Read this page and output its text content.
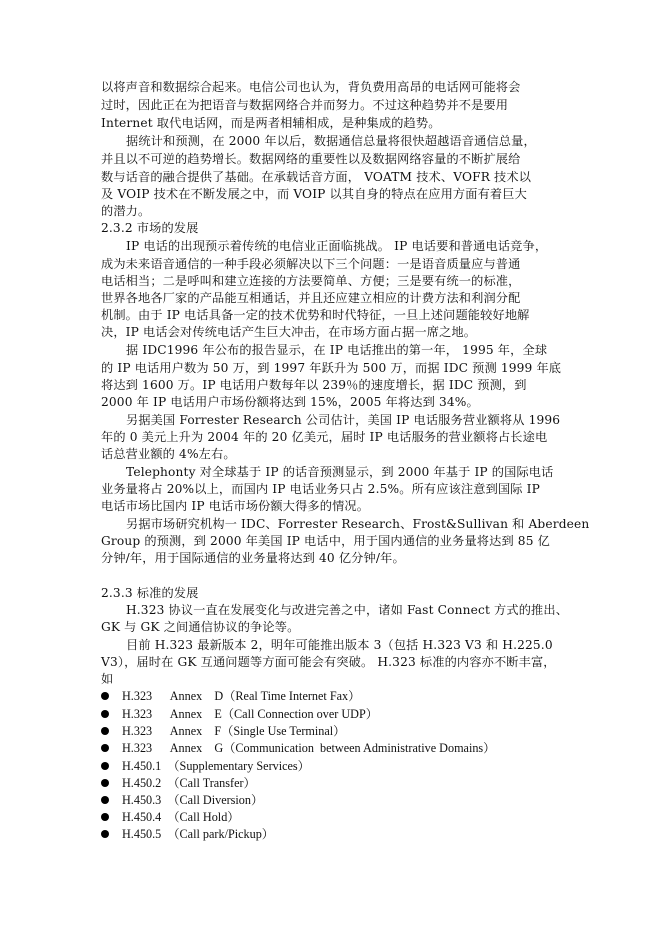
以将声音和数据综合起来。电信公司也认为，背负费用高昂的电话网可能将会
过时，因此正在为把语音与数据网络合并而努力。不过这种趋势并不是要用
Internet 取代电话网，而是两者相辅相成，是种集成的趋势。
据统计和预测，在 2000 年以后，数据通信总量将很快超越语音通信总量，
并且以不可逆的趋势增长。数据网络的重要性以及数据网络容量的不断扩展给
数与话音的融合提供了基础。在承载话音方面， VOATM 技术、VOFR 技术以
及 VOIP 技术在不断发展之中，而 VOIP 以其自身的特点在应用方面有着巨大
的潜力。
2.3.2 市场的发展
IP 电话的出现预示着传统的电信业正面临挑战。 IP 电话要和普通电话竞争，
成为未来语音通信的一种手段必须解决以下三个问题：一是语音质量应与普通
电话相当；二是呼叫和建立连接的方法要简单、方便；三是要有统一的标准，
世界各地各厂家的产品能互相通话，并且还应建立相应的计费方法和利润分配
机制。由于 IP 电话具备一定的技术优势和时代特征，一旦上述问题能较好地解
决，IP 电话会对传统电话产生巨大冲击，在市场方面占据一席之地。
据 IDC1996 年公布的报告显示，在 IP 电话推出的第一年， 1995 年，全球
的 IP 电话用户数为 50 万，到 1997 年跃升为 500 万，而据 IDC 预测 1999 年底
将达到 1600 万。IP 电话用户数每年以 239％的速度增长，据 IDC 预测，到
2000 年 IP 电话用户市场份额将达到 15%，2005 年将达到 34%。
另据美国 Forrester Research 公司估计，美国 IP 电话服务营业额将从 1996
年的 0 美元上升为 2004 年的 20 亿美元，届时 IP 电话服务的营业额将占长途电
话总营业额的 4%左右。
Telephonty 对全球基于 IP 的话音预测显示，到 2000 年基于 IP 的国际电话
业务量将占 20%以上，而国内 IP 电话业务只占 2.5%。所有应该注意到国际 IP
电话市场比国内 IP 电话市场份额大得多的情况。
另据市场研究机构一 IDC、Forrester Research、Frost&Sullivan 和 Aberdeen
Group 的预测，到 2000 年美国 IP 电话中，用于国内通信的业务量将达到 85 亿
分钟/年，用于国际通信的业务量将达到 40 亿分钟/年。
2.3.3 标准的发展
H.323 协议一直在发展变化与改进完善之中，诸如 Fast Connect 方式的推出、
GK 与 GK 之间通信协议的争论等。
目前 H.323 最新版本 2，明年可能推出版本 3（包括 H.323 V3 和 H.225.0
V3），届时在 GK 互通问题等方面可能会有突破。 H.323 标准的内容亦不断丰富，
如
H.323      Annex    D（Real Time Internet Fax）
H.323      Annex    E（Call Connection over UDP）
H.323      Annex    F（Single Use Terminal）
H.323      Annex    G（Communication  between Administrative Domains）
H.450.1  （Supplementary Services）
H.450.2  （Call Transfer）
H.450.3  （Call Diversion）
H.450.4  （Call Hold）
H.450.5  （Call park/Pickup）
